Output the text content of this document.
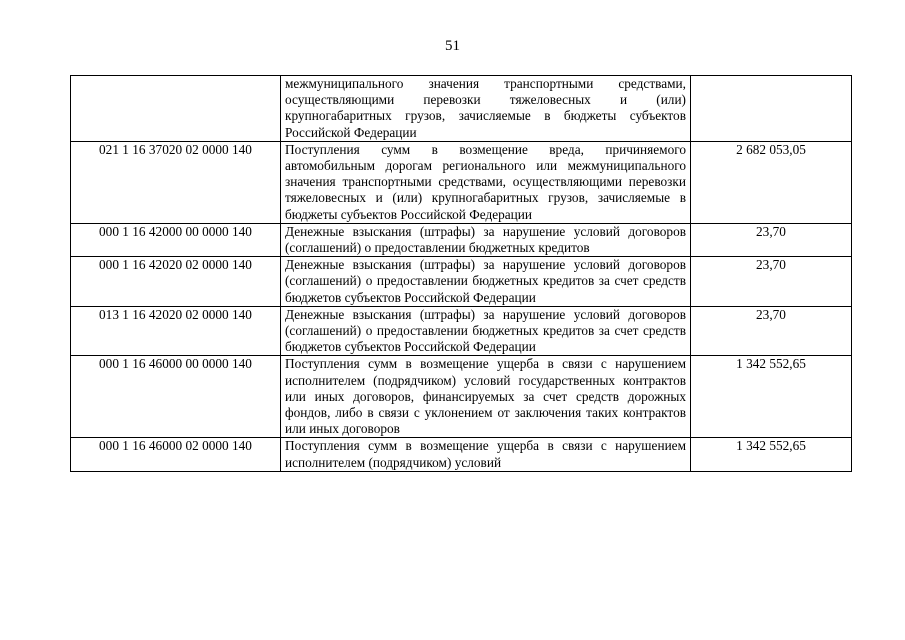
51
	межмуниципального значения транспортными средствами, осуществляющими перевозки тяжеловесных и (или) крупногабаритных грузов, зачисляемые в бюджеты субъектов Российской Федерации	
021 1 16 37020 02 0000 140	Поступления сумм в возмещение вреда, причиняемого автомобильным дорогам регионального или межмуниципального значения транспортными средствами, осуществляющими перевозки тяжеловесных и (или) крупногабаритных грузов, зачисляемые в бюджеты субъектов Российской Федерации	2 682 053,05
000 1 16 42000 00 0000 140	Денежные взыскания (штрафы) за нарушение условий договоров (соглашений) о предоставлении бюджетных кредитов	23,70
000 1 16 42020 02 0000 140	Денежные взыскания (штрафы) за нарушение условий договоров (соглашений) о предоставлении бюджетных кредитов за счет средств бюджетов субъектов Российской Федерации	23,70
013 1 16 42020 02 0000 140	Денежные взыскания (штрафы) за нарушение условий договоров (соглашений) о предоставлении бюджетных кредитов за счет средств бюджетов субъектов Российской Федерации	23,70
000 1 16 46000 00 0000 140	Поступления сумм в возмещение ущерба в связи с нарушением исполнителем (подрядчиком) условий государственных контрактов или иных договоров, финансируемых за счет средств дорожных фондов, либо в связи с уклонением от заключения таких контрактов или иных договоров	1 342 552,65
000 1 16 46000 02 0000 140	Поступления сумм в возмещение ущерба в связи с нарушением исполнителем (подрядчиком) условий	1 342 552,65
